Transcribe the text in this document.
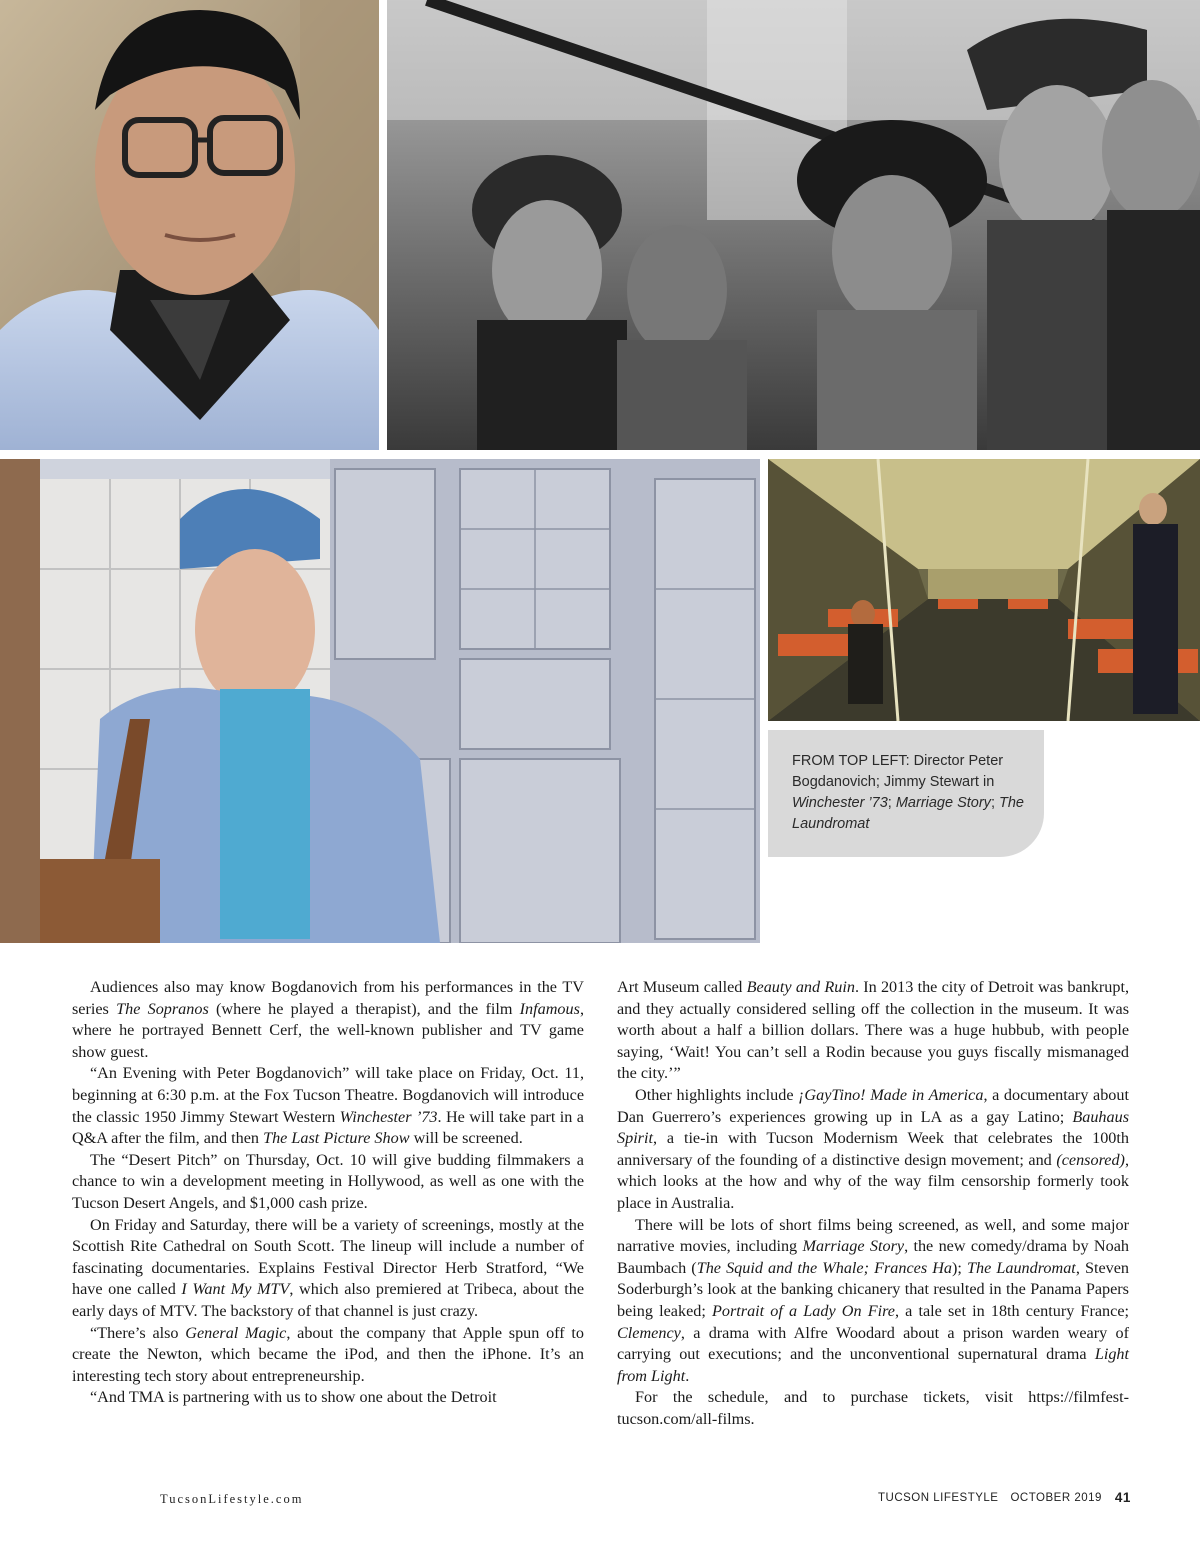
FROM TOP LEFT: Director Peter Bogdanovich; Jimmy Stewart in Winchester ’73; Marriage Story; The Laundromat

Audiences also may know Bogdanovich from his performances in the TV series The Sopranos (where he played a therapist), and the film Infamous, where he portrayed Bennett Cerf, the well-known publisher and TV game show guest.

“An Evening with Peter Bogdanovich” will take place on Friday, Oct. 11, beginning at 6:30 p.m. at the Fox Tucson Theatre. Bogdanovich will introduce the classic 1950 Jimmy Stewart Western Winchester ’73. He will take part in a Q&A after the film, and then The Last Picture Show will be screened.

The “Desert Pitch” on Thursday, Oct. 10 will give budding filmmakers a chance to win a development meeting in Hollywood, as well as one with the Tucson Desert Angels, and $1,000 cash prize.

On Friday and Saturday, there will be a variety of screenings, mostly at the Scottish Rite Cathedral on South Scott. The lineup will include a number of fascinating documentaries. Explains Festival Director Herb Stratford, “We have one called I Want My MTV, which also premiered at Tribeca, about the early days of MTV. The backstory of that channel is just crazy.

“There’s also General Magic, about the company that Apple spun off to create the Newton, which became the iPod, and then the iPhone. It’s an interesting tech story about entrepreneurship.

“And TMA is partnering with us to show one about the Detroit

Art Museum called Beauty and Ruin. In 2013 the city of Detroit was bankrupt, and they actually considered selling off the collection in the museum. It was worth about a half a billion dollars. There was a huge hubbub, with people saying, ‘Wait! You can’t sell a Rodin because you guys fiscally mismanaged the city.’”

Other highlights include ¡GayTino! Made in America, a documentary about Dan Guerrero’s experiences growing up in LA as a gay Latino; Bauhaus Spirit, a tie-in with Tucson Modernism Week that celebrates the 100th anniversary of the founding of a distinctive design movement; and (censored), which looks at the how and why of the way film censorship formerly took place in Australia.

There will be lots of short films being screened, as well, and some major narrative movies, including Marriage Story, the new comedy/drama by Noah Baumbach (The Squid and the Whale; Frances Ha); The Laundromat, Steven Soderburgh’s look at the banking chicanery that resulted in the Panama Papers being leaked; Portrait of a Lady On Fire, a tale set in 18th century France; Clemency, a drama with Alfre Woodard about a prison warden weary of carrying out executions; and the unconventional supernatural drama Light from Light.

For the schedule, and to purchase tickets, visit https://filmfest-tucson.com/all-films.

TucsonLifestyle.com	TUCSON LIFESTYLE OCTOBER 2019 41
